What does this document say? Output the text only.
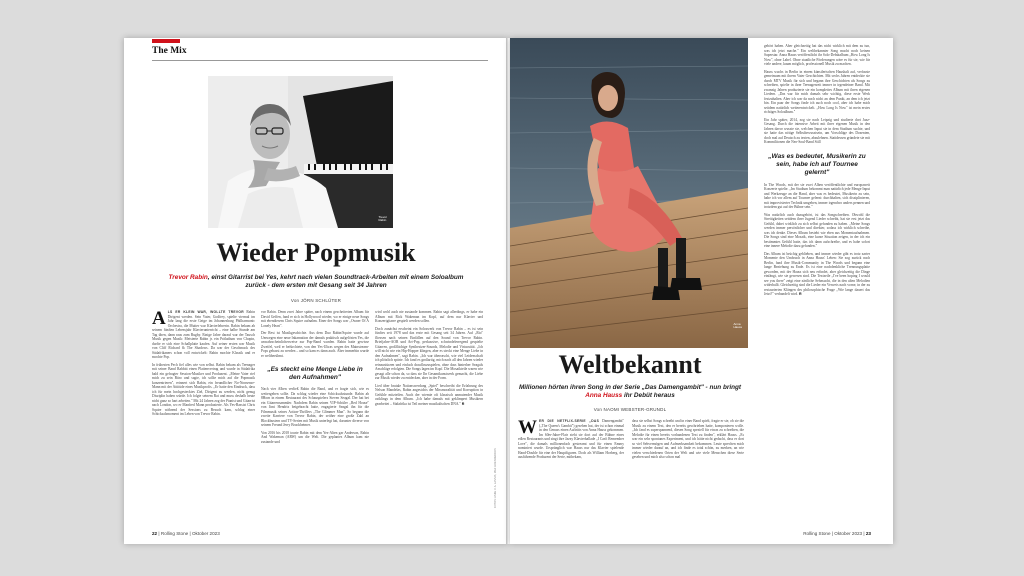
The Mix
Trevor
Rabin
Wieder Popmusik
Trevor Rabin, einst Gitarrist bei Yes, kehrt nach vielen Soundtrack-Arbeiten mit einem Soloalbum zurück - dem ersten mit Gesang seit 34 Jahren
Von JÖRN SCHLÜTER

ALS ER KLEIN WAR, WOLLTE TREVOR Rabin Dirigent werden. Sein Vater, Godfrey, spielte viermal im Jahr lang die erste Geige im Johannesburg Philharmonic Orchestra, die Mutter war Klavierlehrerin. Rabin bekam ab seinem fünften Lebensjahr Klavierunterricht – eine halbe Stunde am Tag üben, dann raus zum Rugby. Einige Jahre darauf war der Tausch Musik gegen Musik: Meisterte Rabin jr. ein Präludium von Chopin, durfte er sich eine Schallplatte kaufen. Auf seiner ersten war Musik von Cliff Richard & The Shadows. Da war der Geschmack des Südafrikaners schon voll entwickelt: Rabin mochte Klassik und er mochte Pop.

In frühesten Pech fiel alles wie von selbst. Rabin bekam als Teenager mit seiner Band Rabbitt einen Plattenvertrag und wurde in Südafrika bald ein gefragter Session-Musiker und Produzent. „Meine Vater rief mich zu sein Büro und sagte, ich sollte mich auf die Popmusik konzentrieren", erinnert sich Rabin, ein freundlicher No-Nonsense-Mann mit der Attitüde eines Musikprofis. „Er hatte den Eindruck, dass ich für mein hochgestecktes Ziel, Dirigent zu werden, nicht genug Disziplin haben würde. Ich folgte seinem Rat und muss deshalb heute nicht ganz so hart arbeiten." Mit 24 Jahren zog der Pianist und Gitarrist nach London, wo er Manfred Mann produzierte. Als Yes-Bassist Chris Squire während der Sessions zu Besuch kam, schlug einer Schicksalsmoment im Leben von Trevor Rabin.

vor Rabin. Denn zwei Jahre später, nach einem gescheiterten Album für David Geffen, fand er sich in Hollywood wieder, wo er einige neue Songs mit ebendiesem Chris Squire aufnahm. Einer der Songs war „Owner Of A Lonely Heart".

Der Rest ist Musikgeschichte. Aus dem Duo Rabin/Squire wurde auf Umwegen eine neue Inkarnation der damals praktisch aufgelösten Yes, die unwahrscheinlicherweise zur Pop-Band wurden. Rabin hatte gewisse Zweifel, weil er befürchtete, von den Yes-Ultras wegen des Mainstream-Pops gehasst zu werden – und so kam es dann auch. Aber immerhin wurde er weltberühmt.

„Es steckt eine Menge Liebe in den Aufnahmen"

Nach vier Alben verließ Rabin die Band, und er fragte sich, wie es weitergehen sollte. Da schlug wieder eine Schicksalsstunde. Rabin ab 8Horn in einem Restaurant des Schauspielers Steven Seagal. Der hat bei ein Gitarrensammler. Nachdem Rabin seinen VIP-Schüler „Red House" von Jimi Hendrix beigebracht hatte, engagierte Seagal ihn für die Filmmusik seines Action-Thrillers „The Glimmer Man". So begann die zweite Karriere von Trevor Rabin, der seither eine große Zahl an Blockbustern und TV-Serien mit Musik unterlegt hat, darunter diverse von seinem Freund Jerry Bruckheimer.

Von 2016 bis 2018 tourte Rabin mit dem Yes-Alten gar Anderson, Rabin And Wakeman (ARW) um die Welt. Die geplantes Album kam nie zustande und

wird wohl auch nie zustande kommen. Rabin sagt allerdings, er habe ein Album mit Rick Wakeman im Kopf, auf dem nur Klavier und Konzertgitarre gespielt werden sollen.

Doch zunächst erscheint ein Soloswerk von Trevor Rabin – es ist sein fünftes seit 1978 und das erste mit Gesang seit 34 Jahren. Auf „Rio" fliessen nach seinen Einfällen auf den Sound von Trevor Rabin. Briefjahre-AOR und Art-Pop, perkussive, schwindelerregend gespielte Gitarren, großflächige Synthesizer-Sounds, Melodie und Virtuosität. „Ich will nicht wie ein Hip-Hopper klingen, aber es steckt eine Menge Liebe in den Aufnahmen", sagt Rabin. „Ich war überrascht, wie viel Leidenschaft ich plötzlich spürte. Ich fand es großartig, mich nach all den Jahren wieder reinzustürzen und einfach draufloszuspielen, ohne dass hinterher Seagals Anschläge erfolgten. Die Songs lagen im Kopf. Die Mosaikteile waren wie gesagt alle schon da, so dass sie Ihr Gesamtkunstwerk gemacht, die Liebe zur Musik wieder zu entdecken, aber in der Form.

Lied über brutale Nationswerdung „Spiel" beschreibt die Erfahrung des Nelson Mandelas, Rabin angesichts der Missmoralität und Korruption in Gefühle mitzteilen. Auch der wiemie oft klassisch anmutender Musik ostklings in dem Album. „Ich habe damals mit geklimpert Musikern gearbeitet – Südafrika ist Teil meiner musikalischen DNA." R

FOTOS: ANKE V. A. LANNIS, MAX HOENDERDOS
22 | Rolling Stone | Oktober 2023
Anna
Hauss
Weltbekannt
Millionen hörten ihren Song in der Serie „Das Damengambit" - nun bringt Anna Hauss ihr Debüt heraus
Von NAOMI WEBSTER-GRUNDL

WER DIE NETFLIX-SERIE „DAS Damengambit" („The Queen's Gambit") gesehen hat, der ist schon einmal in den Genuss einen Auftritts von Anna Hauss gekommen. Im 60er-Jahre-Flair steht sie dort auf der Bühne eines edlen Restaurants und singt ihre Jazzy Klavierballade „I Can't Remember Love", die damals millionenfach gestreamt und für einen Emmy nominiert wurde. Ursprünglich war Hauss nur das Klavier spielende Hand-Double für eine der Hauptfiguren. Doch als William Horberg, der ausführende Produzent der Serie, mitbekam,

dass sie selbst Songs schreibt und in einer Band spielt, fragte er sie, ob sie die Musik zu einem Text, den er bereits geschrieben hatte, komponieren wolle. „Ich fand es superspannend, diesen Song speziell für etwas zu schreiben, die Melodie für einen bereits vorhandenen Text zu finden", erklärt Hauss. „Es war ein sehr spontanes Experiment, und ich hätte nicht gedacht, dass er dort so viel Sehvermögen und Aufmerksamkeit bekommen. Leute sprechen mich immer wieder darauf an, und ich finde es total schön, zu merken, an wie vielen verschiedenen Orten der Welt und wie viele Menschen diese Serie gesehen und mich also schon mal

gehört haben. Aber gleichzeitig hat das nicht wirklich mit dem zu tun, was ich jetzt mache." Ein weltbekannter Song macht noch keinen Superstar. Anna Hauss veröffentlicht ihr Solo-Debütalbum „How Long Is Now", ohne Label. Ohne staatliche Förderungen wäre es für sie, wie für viele andere, kaum möglich, professionell Musik zu machen.

Hauss wuchs in Berlin in einem künstlerischen Haushalt auf, verfasste gemeinsam mit ihrem Vater Geschichten. Mit sechs Jahren entdeckte sie durch MTV Musik für sich und begann ihre Geschichten als Songs zu schreiben, spielte in ihrer Teenagerzeit immer in irgendeiner Band. Mit zwanzig Jahren produzierte sie ein komplettes Album mit ihren eigenen Liedern. „Das war für mich damals sehr wichtig, diese erste Werk festzuhalten. Aber ich war da noch nicht an dem Punkt, an dem ich jetzt bin. Ein paar der Songs finde ich auch noch cool, aber ich habe mich seitdem natürlich weiterentwickelt. „How Long Is Now" ist mein erstes richtiges Soloalbum."

Ein Jahr später, 2014, zog sie nach Leipzig und studierte dort Jazz-Gesang. Durch die intensive Arbeit mit ihrer eigenen Musik in den Jahren davor wusste sie, welchen Input sie in dem Studium suchte, und sie hatte das nötige Selbstbewusstsein, um Vorschläge des Dozenten, doch mal auf Deutsch zu texten, abzulehnen. Stattdessen gründete sie mit Kommilitonen die Neo-Soul-Band Still

„Was es bedeutet, Musikerin zu sein, habe ich auf Tournee gelernt"

In The Woods, mit der sie zwei Alben veröffentlichte und europaweit Konzerte spielte. „Im Studium bekommt man natürlich jede Menge Input und Werkzeuge an die Hand, aber was es bedeutet, Musikerin zu sein, habe ich vor allem auf Tournee gelernt: durchhalten, sich disziplinieren, mit improvisierter Technik umgehen, immer irgendwo anders pennen und trotzdem gut auf der Bühne sein."

Was natürlich auch dazugehört, ist das Songschreiben. Obwohl die Streitigkeiten seitdem ihrer Jugend Lieder schreibt, hat sie erst jetzt das Gefühl, dabei wirklich zu sich selbst gefunden zu haben. „Meine Songs werden immer persönlicher und direkter, sodass ich wirklich schreibe, was ich denke. Dieses Album besteht wie eben aus Momentaufnahmen. Die Songs sind eine Mosaik, eine kurze Situation zeigen, in der ich ein bestimmtes Gefühl hatte, das ich dann aufschreibe, und es habe sofort eine innere Melodie dazu gefunden."

Das Album ist brüchig geblieben, und immer wieder gibt es trotz zarter Momente den Umbruch in Anna Hauss' Leben: Sie zog zurück nach Berlin, fand ihre Musik-Community in The Woods und begann eine lange Beziehung zu Ende. Es ist eine nachdenkliche Trennungsplatte geworden, mit der Hauss sich neu erfindet, aber gleichzeitig die Dinge einfängt, wie sie gewesen sind. Die Textzeile „I've been hoping I would see you there" zeigt eine zärtliche Sehnsucht, die in den alten Melodien widerhallt. Gleichzeitig sind die Lieder ein Verweis nach vorne, in der zu restaurierten Klängen des philosophische Frage „Wie lange dauert das Jetzt?" verhandelt wird. R

Rolling Stone | Oktober 2023 | 23
